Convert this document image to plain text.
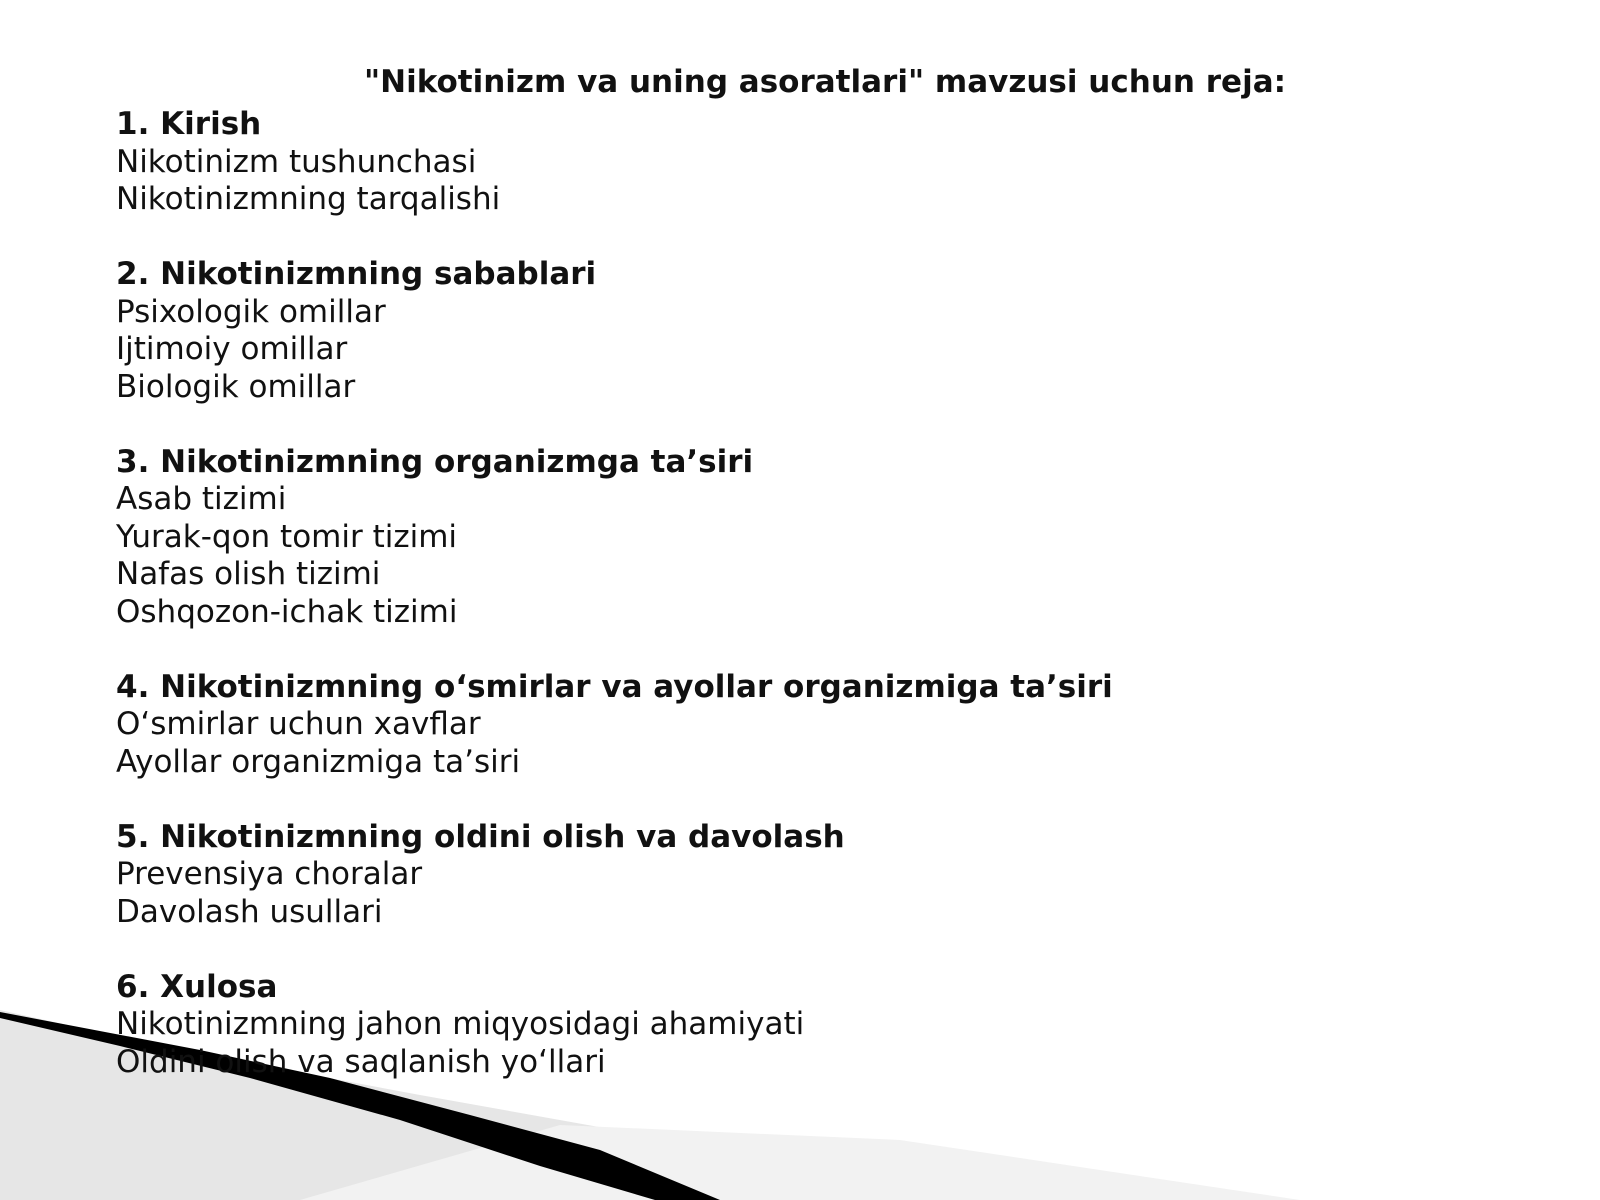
"Nikotinizm va uning asoratlari" mavzusi uchun reja:
1. Kirish
Nikotinizm tushunchasi
Nikotinizmning tarqalishi
2. Nikotinizmning sabablari
Psixologik omillar
Ijtimoiy omillar
Biologik omillar
3. Nikotinizmning organizmga ta’siri
Asab tizimi
Yurak-qon tomir tizimi
Nafas olish tizimi
Oshqozon-ichak tizimi
4. Nikotinizmning o‘smirlar va ayollar organizmiga ta’siri
O‘smirlar uchun xavflar
Ayollar organizmiga ta’siri
5. Nikotinizmning oldini olish va davolash
Prevensiya choralar
Davolash usullari
6. Xulosa
Nikotinizmning jahon miqyosidagi ahamiyati
Oldini olish va saqlanish yo‘llari
